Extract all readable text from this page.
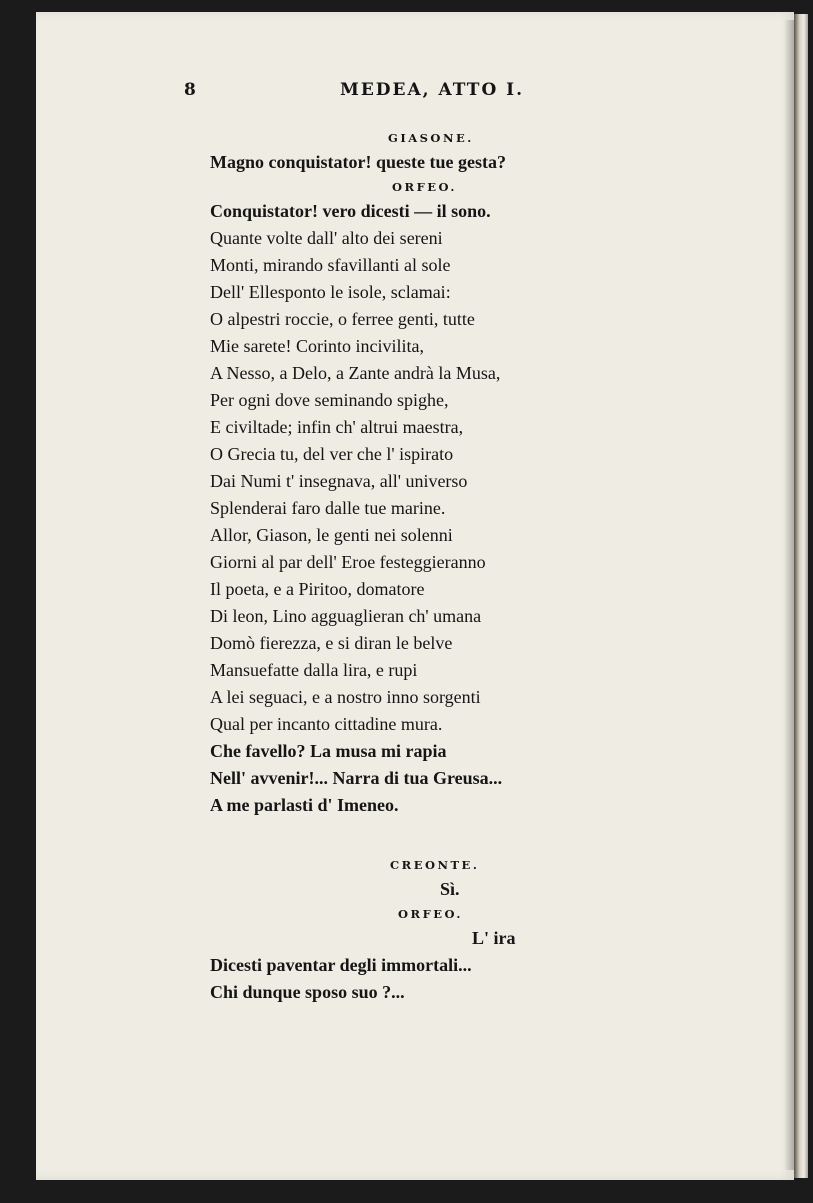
8	MEDEA, ATTO I.
GIASONE.
Magno conquistator! queste tue gesta?
ORFEO.
Conquistator! vero dicesti — il sono.
Quante volte dall' alto dei sereni
Monti, mirando sfavillanti al sole
Dell' Ellesponto le isole, sclamai:
O alpestri roccie, o ferree genti, tutte
Mie sarete! Corinto incivilita,
A Nesso, a Delo, a Zante andrà la Musa,
Per ogni dove seminando spighe,
E civiltade; infin ch' altrui maestra,
O Grecia tu, del ver che l' ispirato
Dai Numi t' insegnava, all' universo
Splenderai faro dalle tue marine.
Allor, Giason, le genti nei solenni
Giorni al par dell' Eroe festeggieranno
Il poeta, e a Piritoo, domatore
Di leon, Lino agguaglieran ch' umana
Domò fierezza, e si diran le belve
Mansuefatte dalla lira, e rupi
A lei seguaci, e a nostro inno sorgenti
Qual per incanto cittadine mura.
Che favello? La musa mi rapia
Nell' avvenir!... Narra di tua Greusa...
A me parlasti d' Imeneo.
CREONTE.
Sì.
ORFEO.
L' ira
Dicesti paventar degli immortali...
Chi dunque sposo suo ?...
